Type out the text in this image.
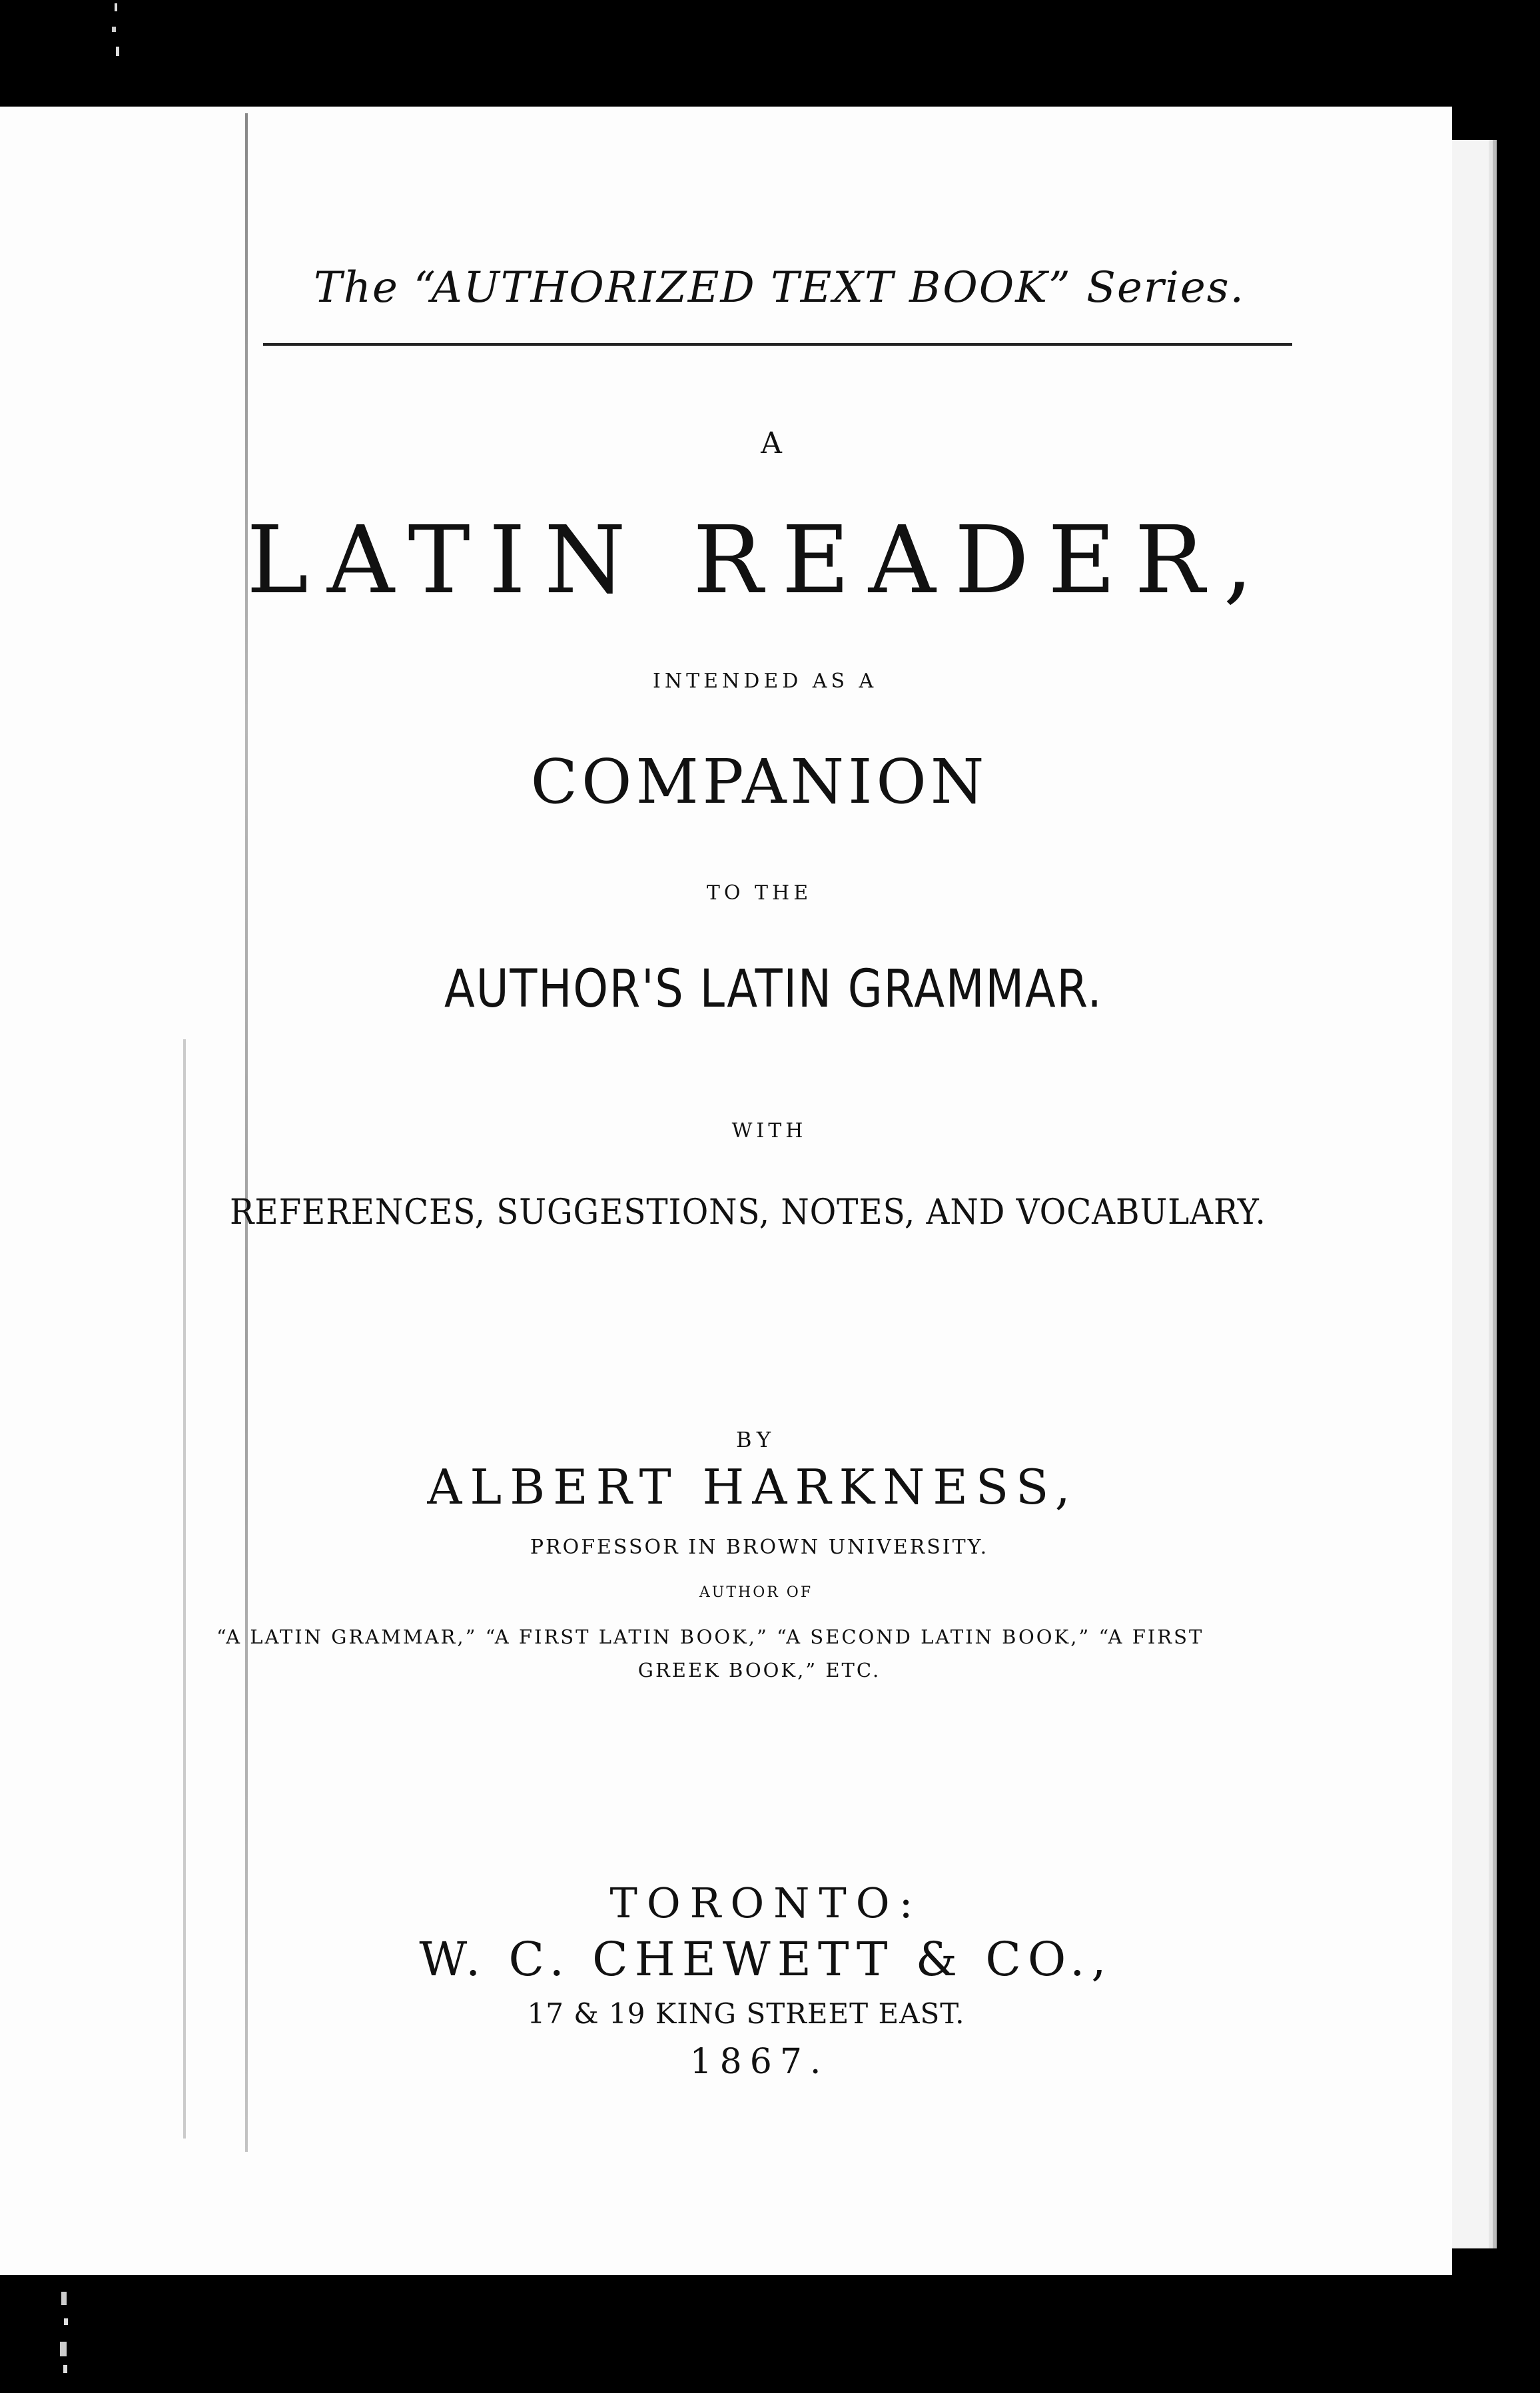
The “AUTHORIZED TEXT BOOK” Series.
A
LATIN READER,
INTENDED AS A
COMPANION
TO THE
AUTHOR'S LATIN GRAMMAR.
WITH
REFERENCES, SUGGESTIONS, NOTES, AND VOCABULARY.
BY
ALBERT HARKNESS,
PROFESSOR IN BROWN UNIVERSITY.
AUTHOR OF
“A LATIN GRAMMAR,” “A FIRST LATIN BOOK,” “A SECOND LATIN BOOK,” “A FIRST
GREEK BOOK,” ETC.
TORONTO:
W. C. CHEWETT & CO.,
17 & 19 KING STREET EAST.
1867.
